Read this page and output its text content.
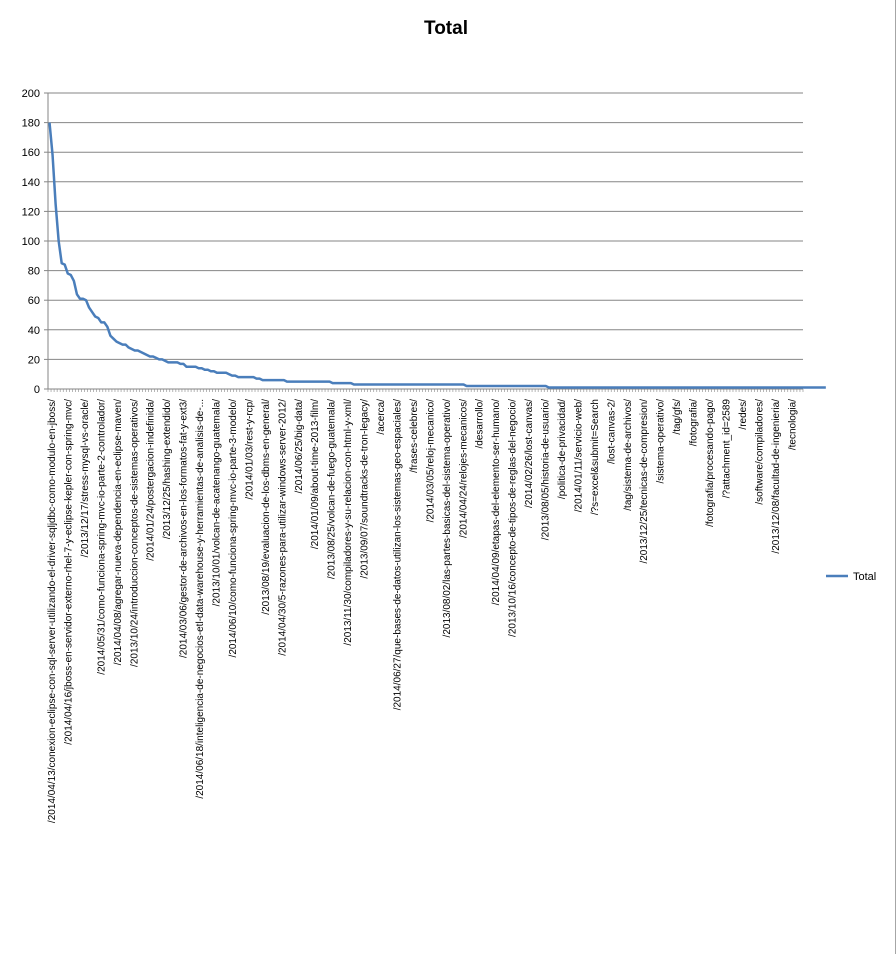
Total
0
20
40
60
80
100
120
140
160
180
200
/2014/04/13/conexion-eclipse-con-sql-server-utilizando-el-driver-sqljdbc-como-modulo-en-jboss/ /2014/04/16/jboss-en-servidor-externo-rhel-7-y-eclipse-kepler-con-spring-mvc/ /2013/12/17/stress-mysql-vs-oracle/ /2014/05/31/como-funciona-spring-mvc-io-parte-2-controlador/ /2014/04/08/agregar-nueva-dependencia-en-eclipse-maven/ /2013/10/24/introduccion-conceptos-de-sistemas-operativos/ /2014/01/24/postergacion-indefinida/ /2013/12/25/hashing-extendido/ /2014/03/06/gestor-de-archivos-en-los-formatos-fat-y-ext3/ /2014/06/18/inteligencia-de-negocios-etl-data-warehouse-y-herramientas-de-analisis-de-... /2013/10/01/volcan-de-acatenango-guatemala/ /2014/06/10/como-funciona-spring-mvc-io-parte-3-modelo/ /2014/01/03/rest-y-rcp/ /2013/08/19/evaluacion-de-los-dbms-en-general/ /2014/04/30/5-razones-para-utilizar-windows-server-2012/ /2014/06/25/big-data/ /2014/01/09/about-time-2013-film/ /2013/08/25/volcan-de-fuego-guatemala/ /2013/11/30/compiladores-y-su-relacion-con-html-y-xml/ /2013/09/07/soundtracks-de-tron-legacy/ /acerca/ /2014/06/27/que-bases-de-datos-utilizan-los-sistemas-geo-espaciales/ /frases-celebres/ /2014/03/05/reloj-mecanico/ /2013/08/02/las-partes-basicas-del-sistema-operativo/ /2014/04/24/relojes-mecanicos/ /desarrollo/ /2014/04/09/etapas-del-elemento-ser-humano/ /2013/10/16/concepto-de-tipos-de-reglas-del-negocio/ /2014/02/26/lost-canvas/ /2013/08/05/historia-de-usuario/ /politica-de-privacidad/ /2014/01/11/servicio-web/ /?s=excel&submit=Search /lost-canvas-2/ /tag/sistema-de-archivos/ /2013/12/25/tecnicas-de-compresion/ /sistema-operativo/ /tag/gfs/ /fotografia/ /fotografia/procesando-pago/ /?attachment_id=2589 /redes/ /software/compiladores/ /2013/12/08/facultad-de-ingenieria/ /tecnologia/
Total
